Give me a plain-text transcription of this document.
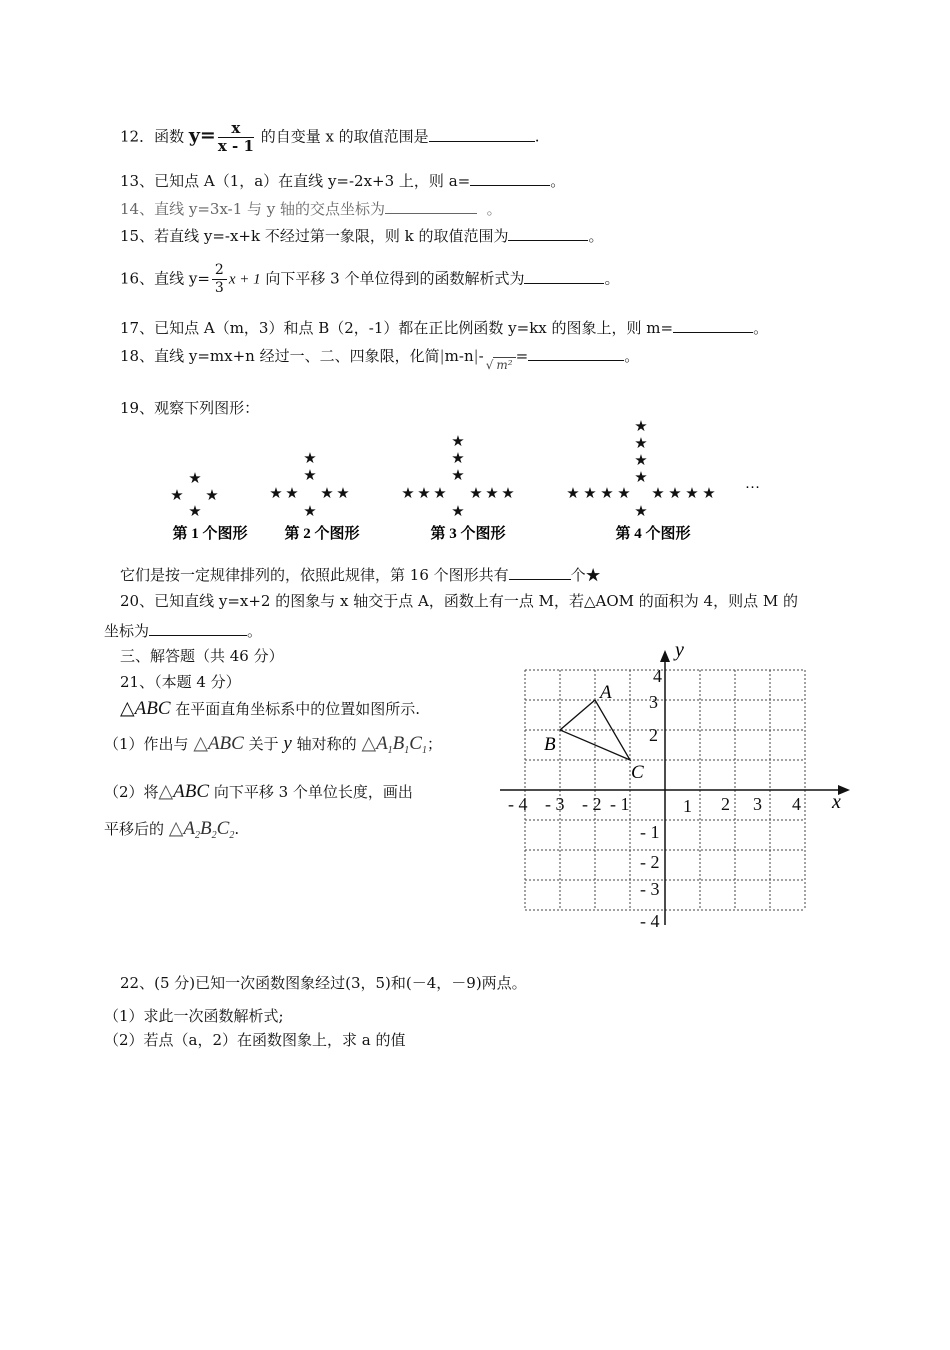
12．函数 $y= \frac{x}{x - 1}$ 的自变量 x 的取值范围是	.
13、已知点 A（1，a）在直线 y=-2x+3 上，则 a=	。
14、直线 y=3x-1 与 y 轴的交点坐标为	。
15、若直线 y=-x+k 不经过第一象限，则 k 的取值范围为	。
16、直线 $y= \frac{2}{3}$ x + 1 向下平移 3 个单位得到的函数解析式为	。
17、已知点 A（m，3）和点 B（2，-1）都在正比例函数 y=kx 的图象上，则 m=	。
18、直线 y=mx+n 经过一、二、四象限，化简|m-n|- √ m² =	。
19、观察下列图形：
★
★ ★
★
★
★
★ ★ ★ ★
★
★
★
★
★ ★ ★ ★ ★ ★
★
★
★
★
★
★ ★ ★ ★ ★ ★ ★ ★
★
…
第 1 个图形 第 2 个图形	第 3 个图形	第 4 个图形
它们是按一定规律排列的，依照此规律，第 16 个图形共有	个★
20、已知直线 y=x+2 的图象与 x 轴交于点 A，函数上有一点 M，若△AOM 的面积为 4，则点 M 的
坐标为	。
三、解答题（共 46 分）
21、（本题 4 分）
△ABC 在平面直角坐标系中的位置如图所示.
（1）作出与 △ABC 关于 y 轴对称的 $\triangle A_1B_1C_1$；
（2）将△ABC 向下平移 3 个单位长度，画出
平移后的 $\triangle A_2B_2C_2$.
x
y
- 4 - 3 - 2 - 1	1 2 3 4
4
3
2
- 1
- 2
- 3
- 4
A
B
C
22、(5 分)已知一次函数图象经过(3，5)和(－4，－9)两点。
（1）求此一次函数解析式;
（2）若点（a，2）在函数图象上，求 a 的值
